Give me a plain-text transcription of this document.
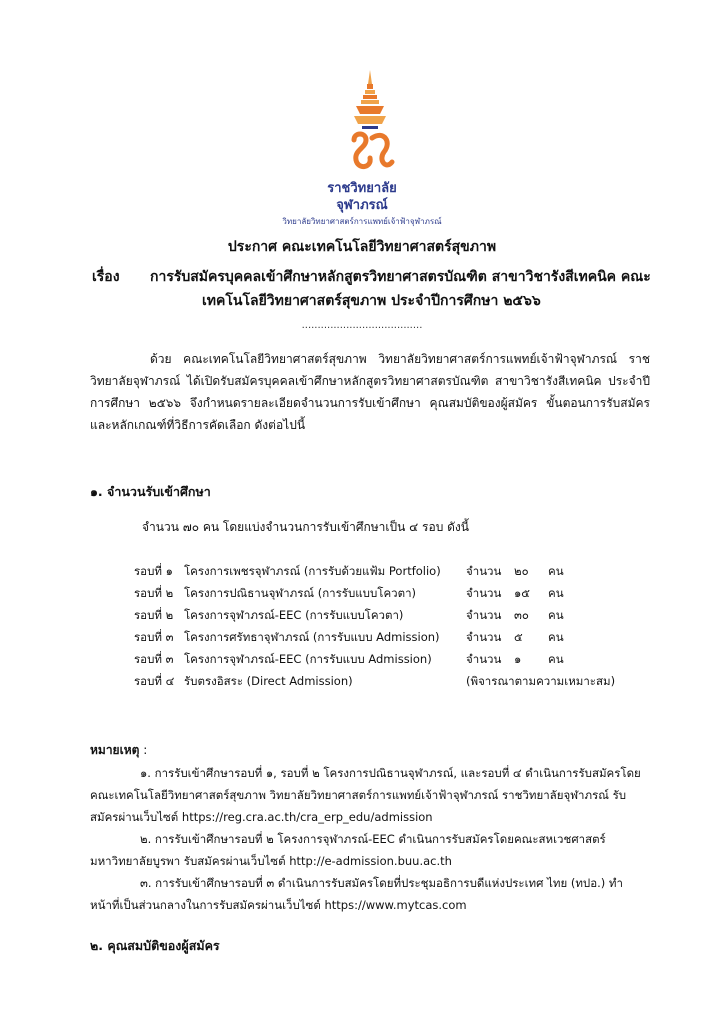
ราชวิทยาลัย
จุฬาภรณ์
วิทยาลัยวิทยาศาสตร์การแพทย์เจ้าฟ้าจุฬาภรณ์
ประกาศ คณะเทคโนโลยีวิทยาศาสตร์สุขภาพ
เรื่อง การรับสมัครบุคคลเข้าศึกษาหลักสูตรวิทยาศาสตรบัณฑิต สาขาวิชารังสีเทคนิค คณะ
เทคโนโลยีวิทยาศาสตร์สุขภาพ ประจำปีการศึกษา ๒๕๖๖
......................................
ด้วย คณะเทคโนโลยีวิทยาศาสตร์สุขภาพ วิทยาลัยวิทยาศาสตร์การแพทย์เจ้าฟ้าจุฬาภรณ์ ราชวิทยาลัยจุฬาภรณ์ ได้เปิดรับสมัครบุคคลเข้าศึกษาหลักสูตรวิทยาศาสตรบัณฑิต สาขาวิชารังสีเทคนิค ประจำปีการศึกษา ๒๕๖๖ จึงกำหนดรายละเอียดจำนวนการรับเข้าศึกษา คุณสมบัติของผู้สมัคร ขั้นตอนการรับสมัครและหลักเกณฑ์ที่วิธีการคัดเลือก ดังต่อไปนี้
๑. จำนวนรับเข้าศึกษา
จำนวน ๗๐ คน โดยแบ่งจำนวนการรับเข้าศึกษาเป็น ๔ รอบ ดังนี้
รอบที่ ๑ โครงการเพชรจุฬาภรณ์ (การรับด้วยแฟ้ม Portfolio) จำนวน ๒๐ คน
รอบที่ ๒ โครงการปณิธานจุฬาภรณ์ (การรับแบบโควตา)	จำนวน ๑๕ คน
รอบที่ ๒ โครงการจุฬาภรณ์-EEC (การรับแบบโควตา)	จำนวน ๓๐ คน
รอบที่ ๓ โครงการศรัทธาจุฬาภรณ์ (การรับแบบ Admission) จำนวน ๕ คน
รอบที่ ๓ โครงการจุฬาภรณ์-EEC (การรับแบบ Admission)	จำนวน ๑ คน
รอบที่ ๔ รับตรงอิสระ (Direct Admission)	(พิจารณาตามความเหมาะสม)
หมายเหตุ :
๑. การรับเข้าศึกษารอบที่ ๑, รอบที่ ๒ โครงการปณิธานจุฬาภรณ์, และรอบที่ ๔ ดำเนินการรับสมัครโดยคณะเทคโนโลยีวิทยาศาสตร์สุขภาพ วิทยาลัยวิทยาศาสตร์การแพทย์เจ้าฟ้าจุฬาภรณ์ ราชวิทยาลัยจุฬาภรณ์ รับสมัครผ่านเว็บไซต์ https://reg.cra.ac.th/cra_erp_edu/admission
๒. การรับเข้าศึกษารอบที่ ๒ โครงการจุฬาภรณ์-EEC ดำเนินการรับสมัครโดยคณะสหเวชศาสตร์ มหาวิทยาลัยบูรพา รับสมัครผ่านเว็บไซต์ http://e-admission.buu.ac.th
๓. การรับเข้าศึกษารอบที่ ๓ ดำเนินการรับสมัครโดยที่ประชุมอธิการบดีแห่งประเทศ ไทย (ทปอ.) ทำหน้าที่เป็นส่วนกลางในการรับสมัครผ่านเว็บไซต์ https://www.mytcas.com
๒. คุณสมบัติของผู้สมัคร
